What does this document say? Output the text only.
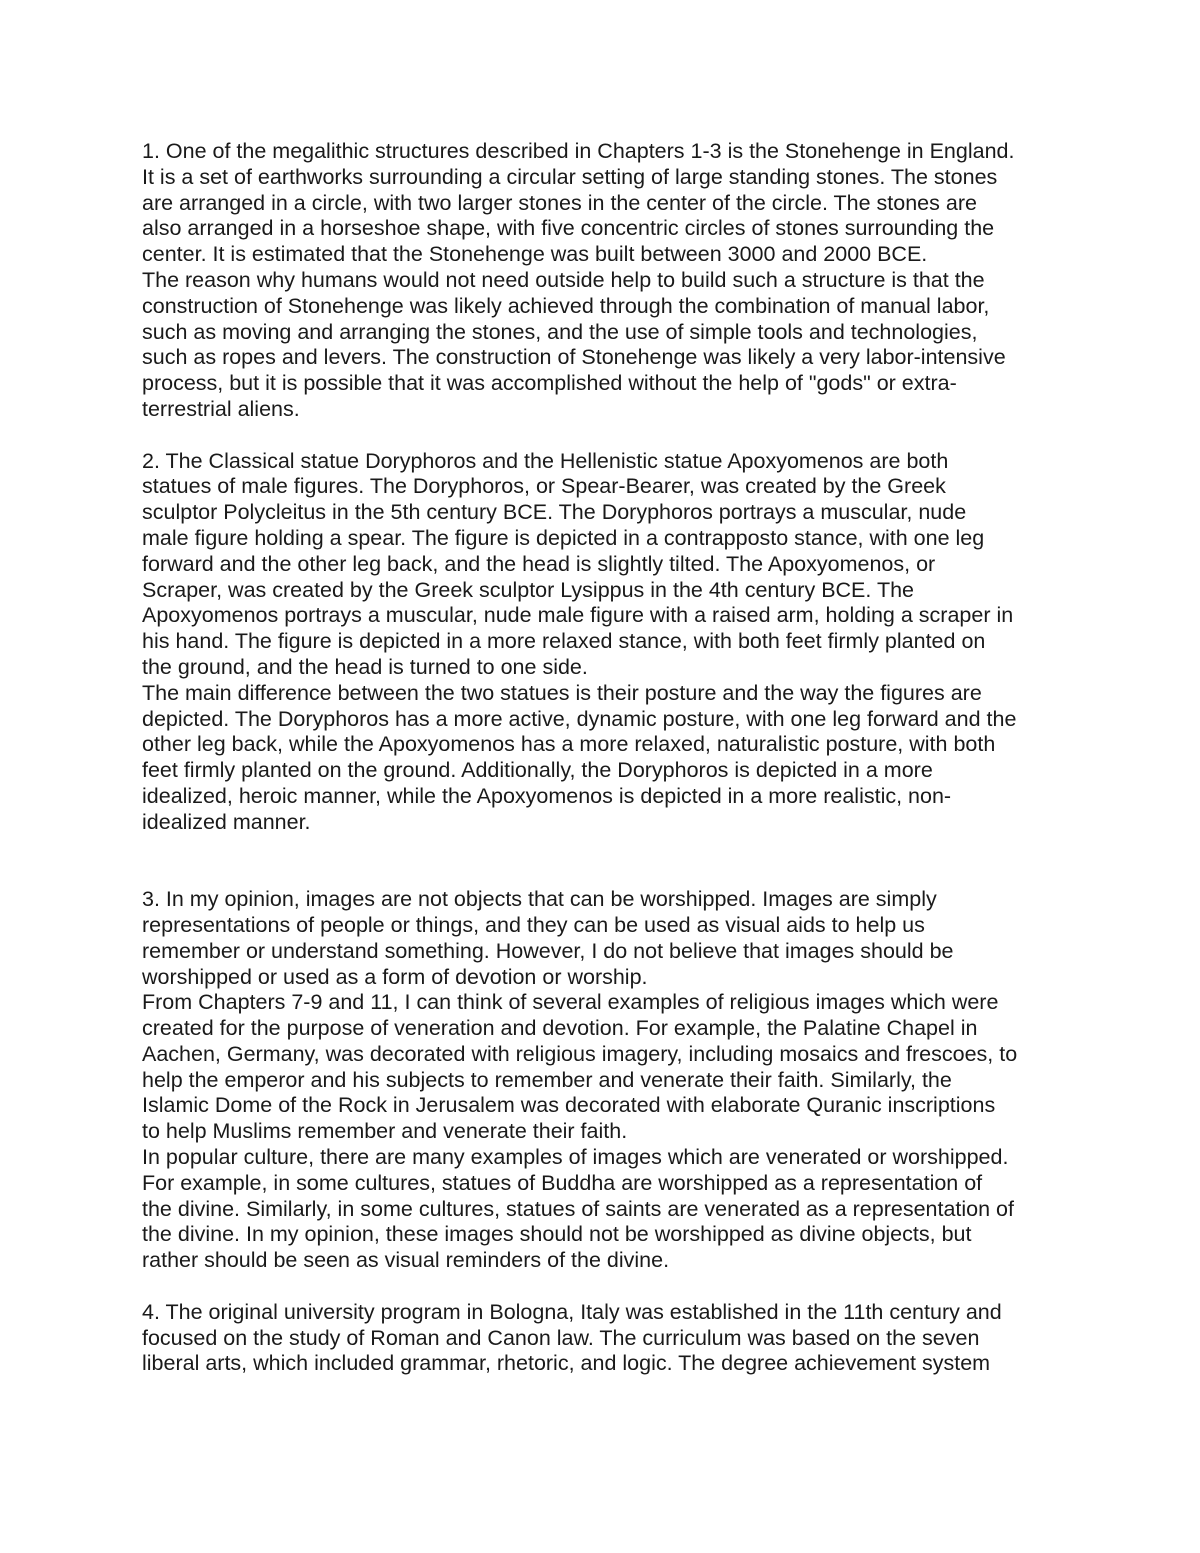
1. One of the megalithic structures described in Chapters 1-3 is the Stonehenge in England.
It is a set of earthworks surrounding a circular setting of large standing stones. The stones
are arranged in a circle, with two larger stones in the center of the circle. The stones are
also arranged in a horseshoe shape, with five concentric circles of stones surrounding the
center. It is estimated that the Stonehenge was built between 3000 and 2000 BCE.

The reason why humans would not need outside help to build such a structure is that the
construction of Stonehenge was likely achieved through the combination of manual labor,
such as moving and arranging the stones, and the use of simple tools and technologies,
such as ropes and levers. The construction of Stonehenge was likely a very labor-intensive
process, but it is possible that it was accomplished without the help of "gods" or extra-
terrestrial aliens.

2. The Classical statue Doryphoros and the Hellenistic statue Apoxyomenos are both
statues of male figures. The Doryphoros, or Spear-Bearer, was created by the Greek
sculptor Polycleitus in the 5th century BCE. The Doryphoros portrays a muscular, nude
male figure holding a spear. The figure is depicted in a contrapposto stance, with one leg
forward and the other leg back, and the head is slightly tilted. The Apoxyomenos, or
Scraper, was created by the Greek sculptor Lysippus in the 4th century BCE. The
Apoxyomenos portrays a muscular, nude male figure with a raised arm, holding a scraper in
his hand. The figure is depicted in a more relaxed stance, with both feet firmly planted on
the ground, and the head is turned to one side.

The main difference between the two statues is their posture and the way the figures are
depicted. The Doryphoros has a more active, dynamic posture, with one leg forward and the
other leg back, while the Apoxyomenos has a more relaxed, naturalistic posture, with both
feet firmly planted on the ground. Additionally, the Doryphoros is depicted in a more
idealized, heroic manner, while the Apoxyomenos is depicted in a more realistic, non-
idealized manner.

3. In my opinion, images are not objects that can be worshipped. Images are simply
representations of people or things, and they can be used as visual aids to help us
remember or understand something. However, I do not believe that images should be
worshipped or used as a form of devotion or worship.

From Chapters 7-9 and 11, I can think of several examples of religious images which were
created for the purpose of veneration and devotion. For example, the Palatine Chapel in
Aachen, Germany, was decorated with religious imagery, including mosaics and frescoes, to
help the emperor and his subjects to remember and venerate their faith. Similarly, the
Islamic Dome of the Rock in Jerusalem was decorated with elaborate Quranic inscriptions
to help Muslims remember and venerate their faith.

In popular culture, there are many examples of images which are venerated or worshipped.
For example, in some cultures, statues of Buddha are worshipped as a representation of
the divine. Similarly, in some cultures, statues of saints are venerated as a representation of
the divine. In my opinion, these images should not be worshipped as divine objects, but
rather should be seen as visual reminders of the divine.

4. The original university program in Bologna, Italy was established in the 11th century and
focused on the study of Roman and Canon law. The curriculum was based on the seven
liberal arts, which included grammar, rhetoric, and logic. The degree achievement system
